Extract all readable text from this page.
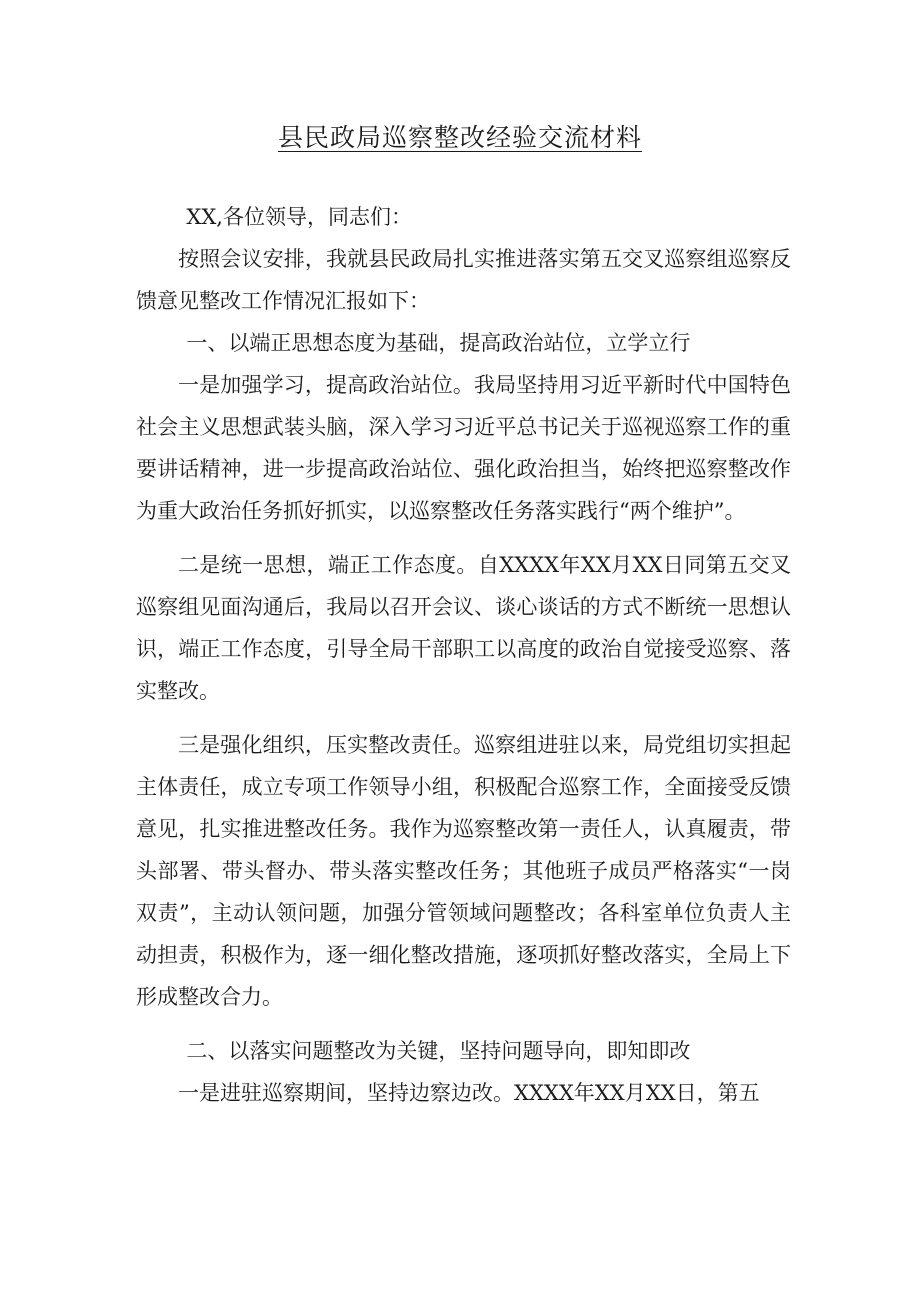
县民政局巡察整改经验交流材料

XX,各位领导，同志们：

按照会议安排，我就县民政局扎实推进落实第五交叉巡察组巡察反馈意见整改工作情况汇报如下：

一、以端正思想态度为基础，提高政治站位，立学立行

一是加强学习，提高政治站位。我局坚持用习近平新时代中国特色社会主义思想武装头脑，深入学习习近平总书记关于巡视巡察工作的重要讲话精神，进一步提高政治站位、强化政治担当，始终把巡察整改作为重大政治任务抓好抓实，以巡察整改任务落实践行“两个维护”。

二是统一思想，端正工作态度。自XXXX年XX月XX日同第五交叉巡察组见面沟通后，我局以召开会议、谈心谈话的方式不断统一思想认识，端正工作态度，引导全局干部职工以高度的政治自觉接受巡察、落实整改。

三是强化组织，压实整改责任。巡察组进驻以来，局党组切实担起主体责任，成立专项工作领导小组，积极配合巡察工作，全面接受反馈意见，扎实推进整改任务。我作为巡察整改第一责任人，认真履责，带头部署、带头督办、带头落实整改任务；其他班子成员严格落实“一岗双责”，主动认领问题，加强分管领域问题整改；各科室单位负责人主动担责，积极作为，逐一细化整改措施，逐项抓好整改落实，全局上下形成整改合力。

二、以落实问题整改为关键，坚持问题导向，即知即改

一是进驻巡察期间，坚持边察边改。XXXX年XX月XX日，第五
